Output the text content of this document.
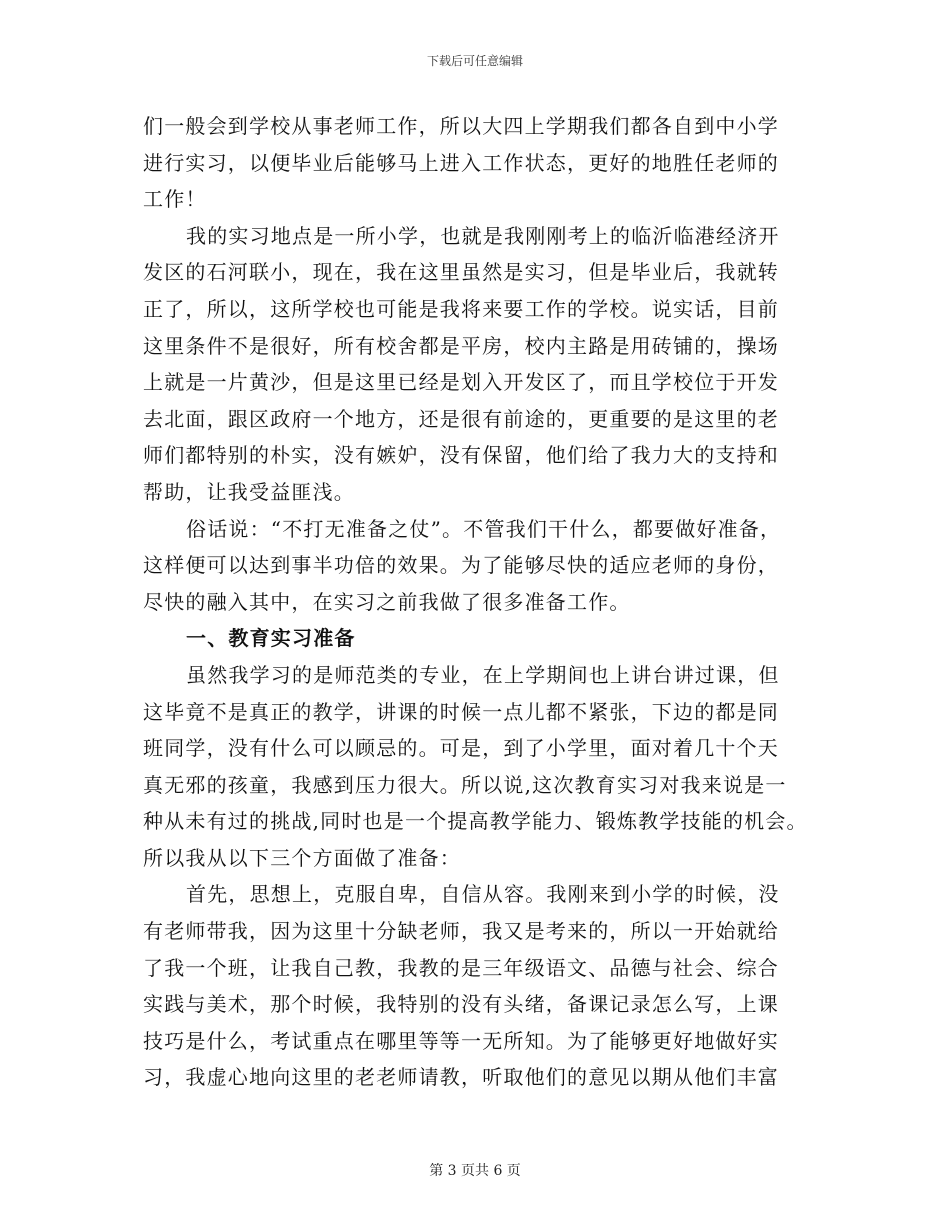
下载后可任意编辑
们一般会到学校从事老师工作，所以大四上学期我们都各自到中小学
进行实习，以便毕业后能够马上进入工作状态，更好的地胜任老师的
工作！
我的实习地点是一所小学，也就是我刚刚考上的临沂临港经济开
发区的石河联小，现在，我在这里虽然是实习，但是毕业后，我就转
正了，所以，这所学校也可能是我将来要工作的学校。说实话，目前
这里条件不是很好，所有校舍都是平房，校内主路是用砖铺的，操场
上就是一片黄沙，但是这里已经是划入开发区了，而且学校位于开发
去北面，跟区政府一个地方，还是很有前途的，更重要的是这里的老
师们都特别的朴实，没有嫉妒，没有保留，他们给了我力大的支持和
帮助，让我受益匪浅。
俗话说：“不打无准备之仗”。不管我们干什么，都要做好准备，
这样便可以达到事半功倍的效果。为了能够尽快的适应老师的身份，
尽快的融入其中，在实习之前我做了很多准备工作。
一、教育实习准备
虽然我学习的是师范类的专业，在上学期间也上讲台讲过课，但
这毕竟不是真正的教学，讲课的时候一点儿都不紧张，下边的都是同
班同学，没有什么可以顾忌的。可是，到了小学里，面对着几十个天
真无邪的孩童，我感到压力很大。所以说,这次教育实习对我来说是一
种从未有过的挑战,同时也是一个提高教学能力、锻炼教学技能的机会。
所以我从以下三个方面做了准备：
首先，思想上，克服自卑，自信从容。我刚来到小学的时候，没
有老师带我，因为这里十分缺老师，我又是考来的，所以一开始就给
了我一个班，让我自己教，我教的是三年级语文、品德与社会、综合
实践与美术，那个时候，我特别的没有头绪，备课记录怎么写，上课
技巧是什么，考试重点在哪里等等一无所知。为了能够更好地做好实
习，我虚心地向这里的老老师请教，听取他们的意见以期从他们丰富
第 3 页共 6 页
